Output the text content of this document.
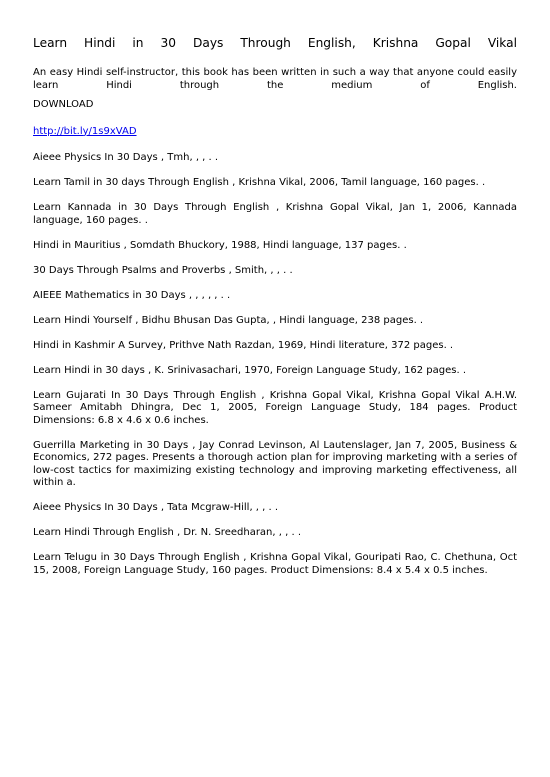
Learn Hindi in 30 Days Through English, Krishna Gopal Vikal

An easy Hindi self-instructor, this book has been written in such a way that anyone could easily learn Hindi through the medium of English.

DOWNLOAD

http://bit.ly/1s9xVAD
Aieee Physics In 30 Days , Tmh, , , . .
Learn Tamil in 30 days Through English , Krishna Vikal, 2006, Tamil language, 160 pages. .
Learn Kannada in 30 Days Through English , Krishna Gopal Vikal, Jan 1, 2006, Kannada language, 160 pages. .
Hindi in Mauritius , Somdath Bhuckory, 1988, Hindi language, 137 pages. .
30 Days Through Psalms and Proverbs , Smith, , , . .
AIEEE Mathematics in 30 Days , , , , , . .
Learn Hindi Yourself , Bidhu Bhusan Das Gupta, , Hindi language, 238 pages. .
Hindi in Kashmir A Survey, Prithve Nath Razdan, 1969, Hindi literature, 372 pages. .
Learn Hindi in 30 days , K. Srinivasachari, 1970, Foreign Language Study, 162 pages. .
Learn Gujarati In 30 Days Through English , Krishna Gopal Vikal, Krishna Gopal Vikal A.H.W. Sameer Amitabh Dhingra, Dec 1, 2005, Foreign Language Study, 184 pages. Product Dimensions: 6.8 x 4.6 x 0.6 inches.
Guerrilla Marketing in 30 Days , Jay Conrad Levinson, Al Lautenslager, Jan 7, 2005, Business & Economics, 272 pages. Presents a thorough action plan for improving marketing with a series of low-cost tactics for maximizing existing technology and improving marketing effectiveness, all within a.
Aieee Physics In 30 Days , Tata Mcgraw-Hill, , , . .
Learn Hindi Through English , Dr. N. Sreedharan, , , . .
Learn Telugu in 30 Days Through English , Krishna Gopal Vikal, Gouripati Rao, C. Chethuna, Oct 15, 2008, Foreign Language Study, 160 pages. Product Dimensions: 8.4 x 5.4 x 0.5 inches.
